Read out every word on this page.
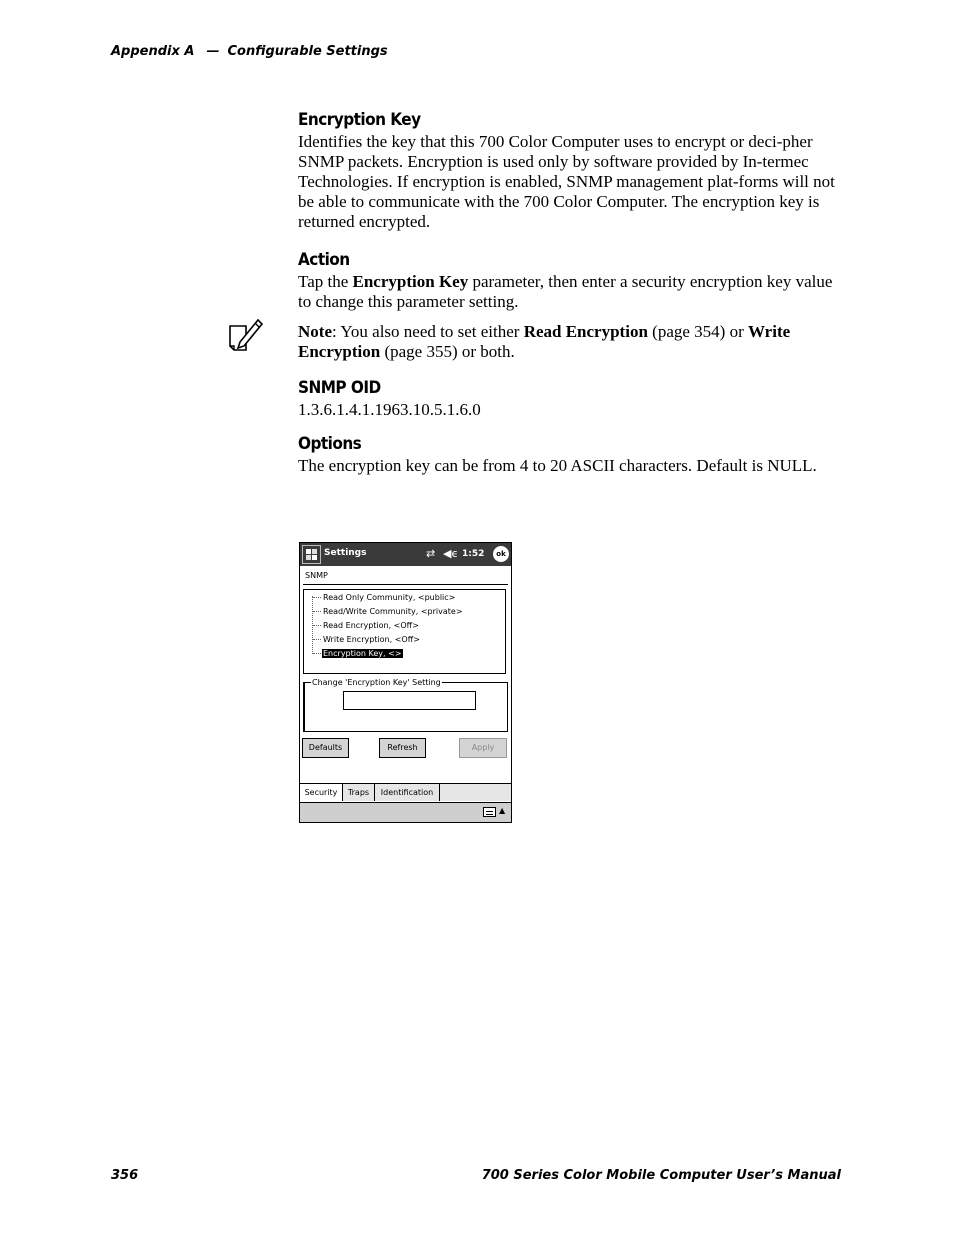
Appendix A — Configurable Settings
Encryption Key

Identifies the key that this 700 Color Computer uses to encrypt or deci-pher SNMP packets. Encryption is used only by software provided by In-termec Technologies. If encryption is enabled, SNMP management plat-forms will not be able to communicate with the 700 Color Computer. The encryption key is returned encrypted.

Action

Tap the Encryption Key parameter, then enter a security encryption key value to change this parameter setting.

Note: You also need to set either Read Encryption (page 354) or Write Encryption (page 355) or both.

SNMP OID

1.3.6.1.4.1.1963.10.5.1.6.0

Options

The encryption key can be from 4 to 20 ASCII characters. Default is NULL.

Settings	⇄ ◀ϵ 1:52	ok
SNMP
Read Only Community, <public>
Read/Write Community, <private>
Read Encryption, <Off>
Write Encryption, <Off>
Encryption Key, <>
Change 'Encryption Key' Setting
Defaults	Refresh	Apply
Security	Traps	Identification
▲
356	700 Series Color Mobile Computer User’s Manual
